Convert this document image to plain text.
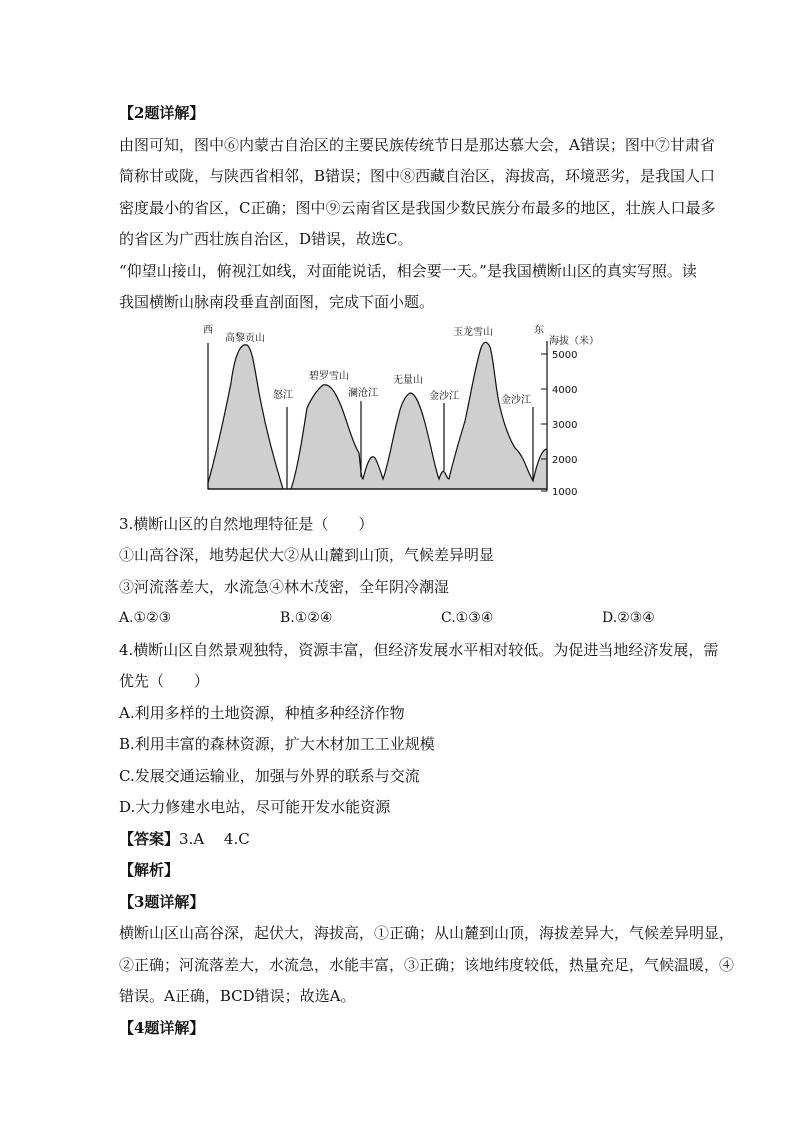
【2题详解】
由图可知，图中⑥内蒙古自治区的主要民族传统节日是那达慕大会，A错误；图中⑦甘肃省
简称甘或陇，与陕西省相邻，B错误；图中⑧西藏自治区，海拔高，环境恶劣，是我国人口
密度最小的省区，C正确；图中⑨云南省区是我国少数民族分布最多的地区，壮族人口最多
的省区为广西壮族自治区，D错误，故选C。
“仰望山接山，俯视江如线，对面能说话，相会要一天。”是我国横断山区的真实写照。读
我国横断山脉南段垂直剖面图，完成下面小题。
西	东
海拔（米）
5000
4000
3000
2000
1000
高黎贡山
碧罗雪山	无量山
玉龙雪山
怒江	澜沧江	金沙江	金沙江
3.横断山区的自然地理特征是（　　）
①山高谷深，地势起伏大②从山麓到山顶，气候差异明显
③河流落差大，水流急④林木茂密，全年阴冷潮湿
A.①②③	B.①②④	C.①③④	D.②③④
4.横断山区自然景观独特，资源丰富，但经济发展水平相对较低。为促进当地经济发展，需
优先（　　）
A.利用多样的土地资源，种植多种经济作物
B.利用丰富的森林资源，扩大木材加工工业规模
C.发展交通运输业，加强与外界的联系与交流
D.大力修建水电站，尽可能开发水能资源
【答案】3.A　 4.C
【解析】
【3题详解】
横断山区山高谷深，起伏大，海拔高，①正确；从山麓到山顶，海拔差异大，气候差异明显，
②正确；河流落差大，水流急，水能丰富，③正确；该地纬度较低，热量充足，气候温暖，④
错误。A正确，BCD错误；故选A。
【4题详解】
